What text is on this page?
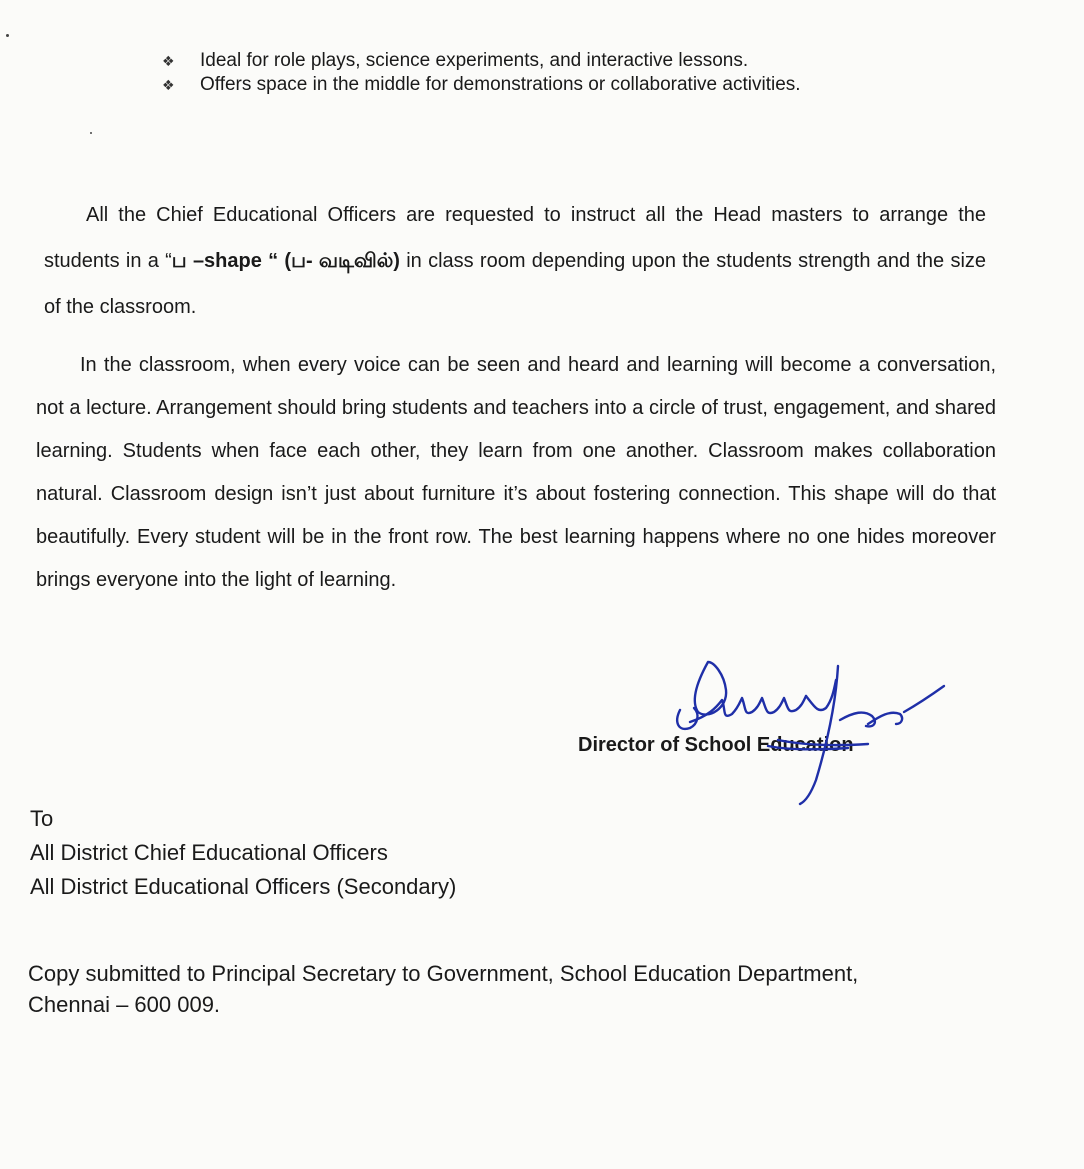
❖	Ideal for role plays, science experiments, and interactive lessons.
❖	Offers space in the middle for demonstrations or collaborative activities.

All the Chief Educational Officers are requested to instruct all the Head masters to arrange the students in a “ப –shape “ (ப- வடிவில்) in class room depending upon the students strength and the size of the classroom.

In the classroom, when every voice can be seen and heard and learning will become a conversation, not a lecture. Arrangement should bring students and teachers into a circle of trust, engagement, and shared learning. Students when face each other, they learn from one another. Classroom makes collaboration natural. Classroom design isn’t just about furniture it’s about fostering connection. This shape will do that beautifully. Every student will be in the front row. The best learning happens where no one hides moreover brings everyone into the light of learning.

Director of School Education
To
All District Chief Educational Officers
All District Educational Officers (Secondary)
Copy submitted to Principal Secretary to Government, School Education Department, Chennai – 600 009.
